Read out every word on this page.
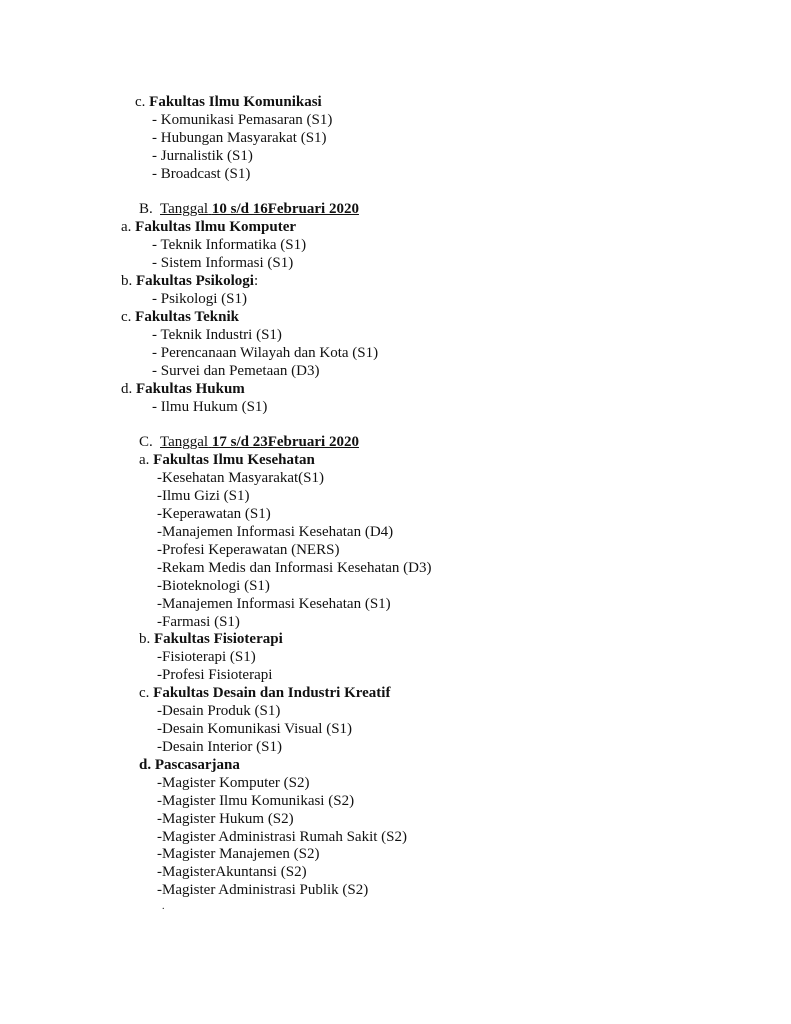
c. Fakultas Ilmu Komunikasi
- Komunikasi Pemasaran (S1)
- Hubungan Masyarakat (S1)
- Jurnalistik (S1)
- Broadcast (S1)
B. Tanggal 10 s/d 16Februari 2020
a. Fakultas Ilmu Komputer
- Teknik Informatika (S1)
- Sistem Informasi (S1)
b. Fakultas Psikologi:
- Psikologi (S1)
c. Fakultas Teknik
- Teknik Industri (S1)
- Perencanaan Wilayah dan Kota (S1)
- Survei dan Pemetaan (D3)
d. Fakultas Hukum
- Ilmu Hukum (S1)
C. Tanggal 17 s/d 23Februari 2020
a. Fakultas Ilmu Kesehatan
-Kesehatan Masyarakat(S1)
-Ilmu Gizi (S1)
-Keperawatan (S1)
-Manajemen Informasi Kesehatan (D4)
-Profesi Keperawatan (NERS)
-Rekam Medis dan Informasi Kesehatan (D3)
-Bioteknologi (S1)
-Manajemen Informasi Kesehatan (S1)
-Farmasi (S1)
b. Fakultas Fisioterapi
-Fisioterapi (S1)
-Profesi Fisioterapi
c. Fakultas Desain dan Industri Kreatif
-Desain Produk (S1)
-Desain Komunikasi Visual (S1)
-Desain Interior (S1)
d. Pascasarjana
-Magister Komputer (S2)
-Magister Ilmu Komunikasi (S2)
-Magister Hukum (S2)
-Magister Administrasi Rumah Sakit (S2)
-Magister Manajemen (S2)
-MagisterAkuntansi (S2)
-Magister Administrasi Publik (S2)
.
